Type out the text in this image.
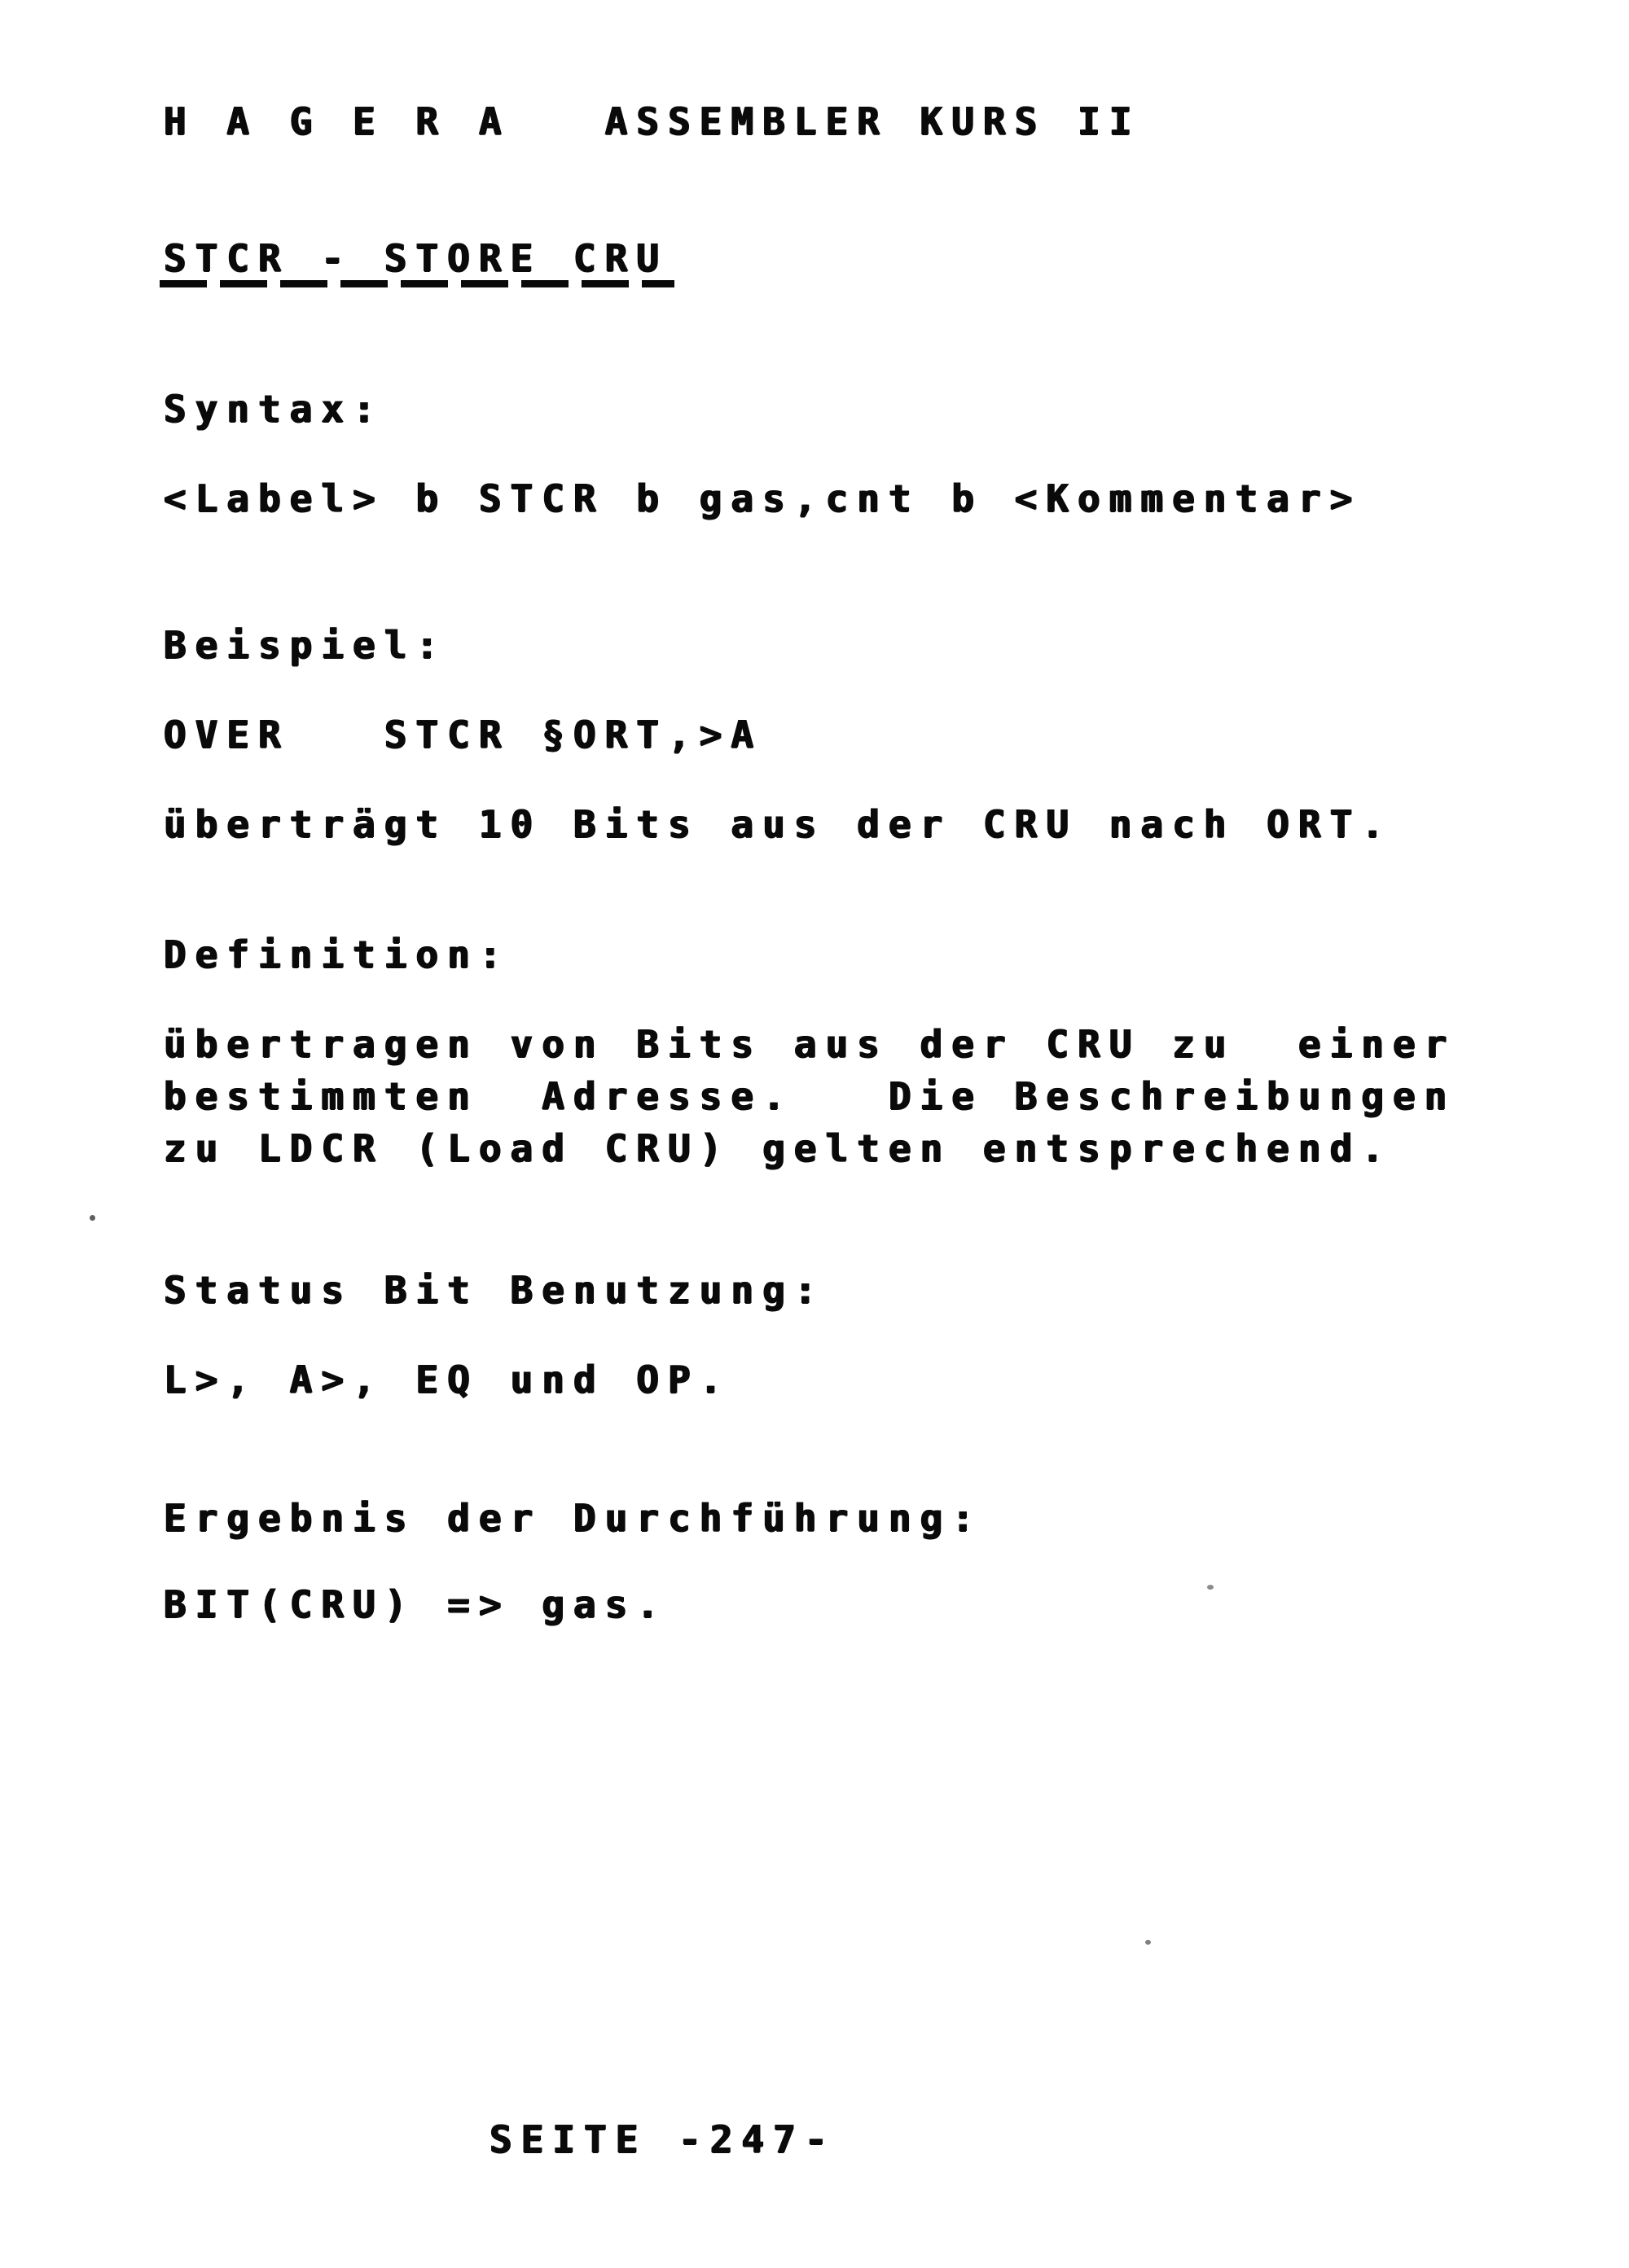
H A G E R A   ASSEMBLER KURS II
STCR - STORE CRU
Syntax:
<Label> b STCR b gas,cnt b <Kommentar>
Beispiel:
OVER   STCR §ORT,>A
überträgt 10 Bits aus der CRU nach ORT.
Definition:
übertragen von Bits aus der CRU zu  einer
bestimmten  Adresse.   Die Beschreibungen
zu LDCR (Load CRU) gelten entsprechend.
Status Bit Benutzung:
L>, A>, EQ und OP.
Ergebnis der Durchführung:
BIT(CRU) => gas.
SEITE -247-
